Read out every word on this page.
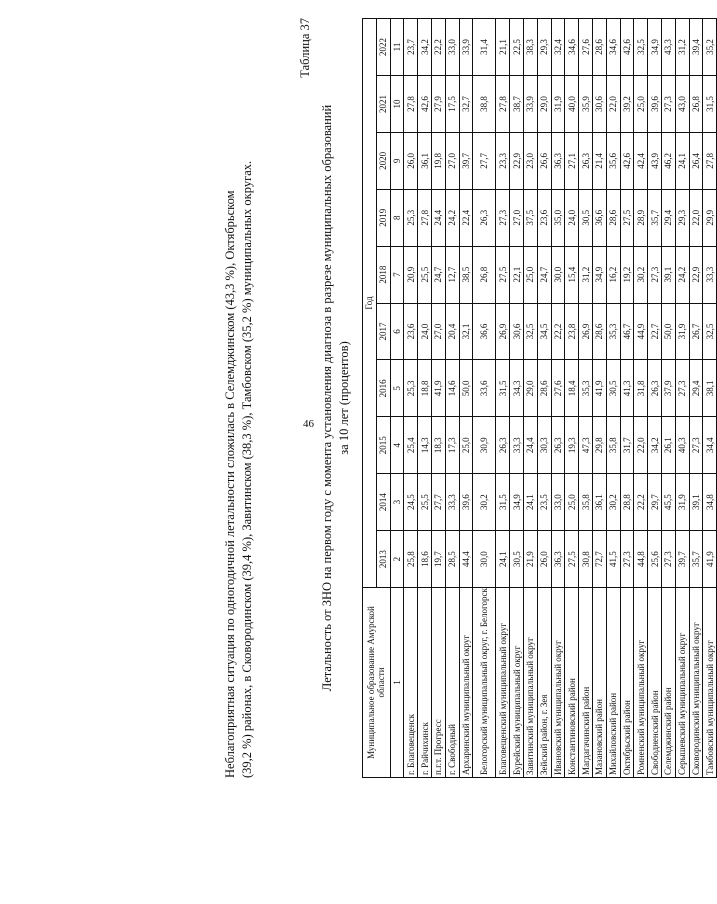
46
Неблагоприятная ситуация по одногодичной летальности сложилась в Селемджинском (43,3 %), Октябрьском (39,2 %) районах, в Сковородинском (39,4 %), Завитинском (38,3 %), Тамбовском (35,2 %) муниципальных округах.
Таблица 37
Летальность от ЗНО на первом году с момента установления диагноза в разрезе муниципальных образований за 10 лет (процентов)
Муниципальное образование Амурской области	Год									
	2013	2014	2015	2016	2017	2018	2019	2020	2021	2022
1	2	3	4	5	6	7	8	9	10	11
г. Благовещенск	25,8	24,5	25,4	25,3	23,6	20,9	25,3	26,0	27,8	23,7
г. Райчихинск	18,6	25,5	14,3	18,8	24,0	25,5	27,8	36,1	42,6	34,2
п.г.т. Прогресс	19,7	27,7	18,3	41,9	27,0	24,7	24,4	19,8	27,9	22,2
г. Свободный	28,5	33,3	17,3	14,6	20,4	12,7	24,2	27,0	17,5	33,0
Архаринский муниципальный округ	44,4	39,6	25,0	50,0	32,1	38,5	22,4	39,7	32,7	33,9
Белогорский муниципальный округ, г. Белогорск	30,0	30,2	30,9	33,6	36,6	26,8	26,3	27,7	38,8	31,4
Благовещенский муниципальный округ	24,1	31,5	26,3	31,5	26,9	27,5	27,3	23,3	27,8	21,1
Бурейский муниципальный округ	30,5	34,9	33,3	34,3	30,6	22,1	27,0	22,9	38,7	22,5
Завитинский муниципальный округ	21,9	24,1	24,4	29,0	32,5	25,0	37,5	23,0	33,9	38,3
Зейский район, г. Зея	26,0	23,5	30,3	28,6	34,5	24,7	23,6	26,6	29,0	29,3
Ивановский муниципальный округ	36,3	33,0	26,3	27,6	22,2	30,0	35,0	36,3	31,9	32,4
Константиновский район	27,5	25,0	19,3	18,4	23,8	15,4	24,0	27,1	40,0	34,6
Магдагачинский район	30,8	35,8	47,3	35,3	26,9	31,2	30,5	26,3	35,9	27,6
Мазановский район	72,7	36,1	29,8	41,9	28,6	34,9	36,6	21,4	30,6	28,6
Михайловский район	41,5	30,2	35,8	30,5	35,3	16,2	28,6	35,6	22,0	34,6
Октябрьский район	27,3	28,8	31,7	41,3	46,7	19,2	27,5	42,6	39,2	42,6
Ромненский муниципальный округ	44,8	22,2	22,0	31,8	44,9	30,2	28,9	42,4	25,0	32,5
Свободненский район	25,6	29,7	34,2	26,3	22,7	27,3	35,7	43,9	39,6	34,9
Селемджинский район	27,3	45,5	26,1	37,9	50,0	39,1	29,4	46,2	27,3	43,3
Серышевский муниципальный округ	39,7	31,9	40,3	27,3	31,9	24,2	29,3	24,1	43,0	31,2
Сковородинский муниципальный округ	35,7	39,1	27,3	29,4	26,7	22,9	22,0	26,4	26,8	39,4
Тамбовский муниципальный округ	41,9	34,8	34,4	38,1	32,5	33,3	29,9	27,8	31,5	35,2
